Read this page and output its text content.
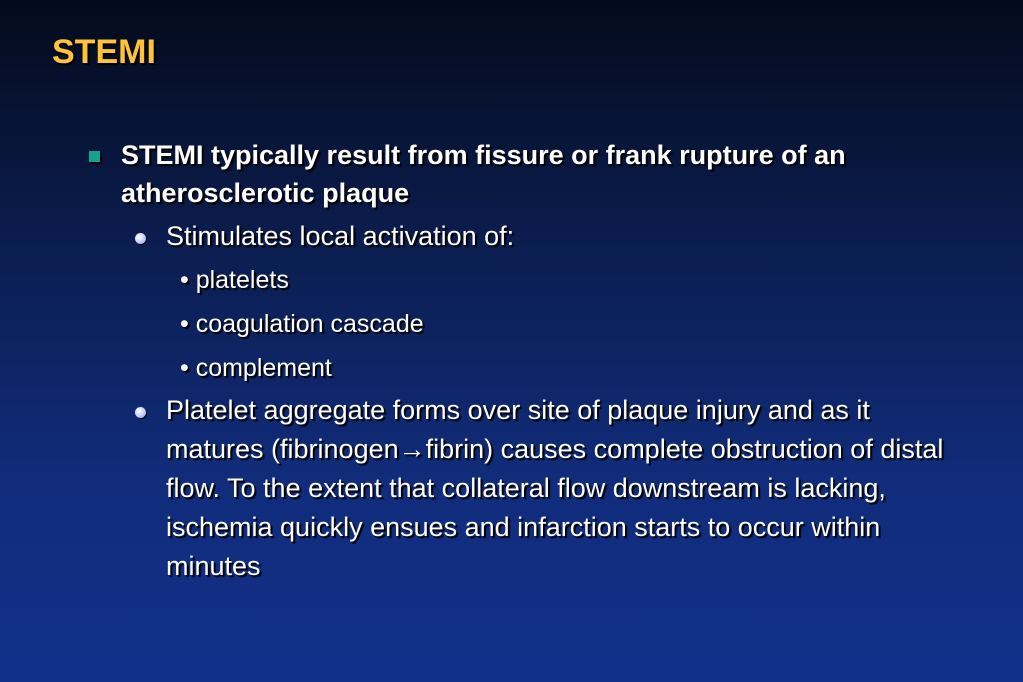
STEMI
STEMI typically result from fissure or frank rupture of an atherosclerotic plaque
Stimulates local activation of:
• platelets
• coagulation cascade
• complement
Platelet aggregate forms over site of plaque injury and as it matures (fibrinogen→fibrin) causes complete obstruction of distal flow. To the extent that collateral flow downstream is lacking, ischemia quickly ensues and infarction starts to occur within minutes
